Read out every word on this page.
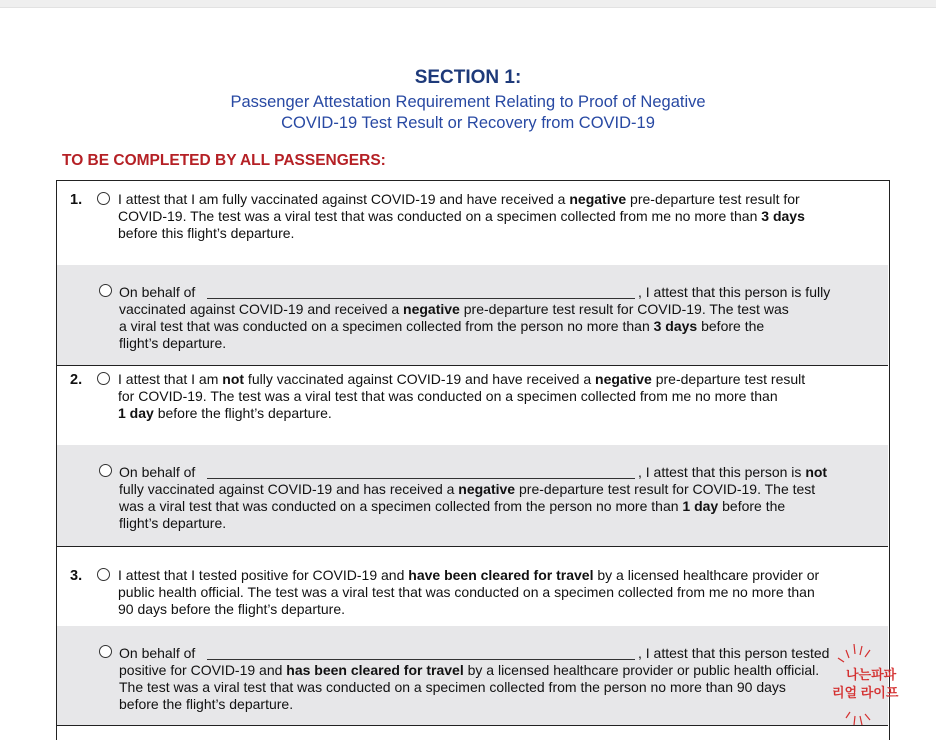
SECTION 1:
Passenger Attestation Requirement Relating to Proof of Negative
COVID-19 Test Result or Recovery from COVID-19
TO BE COMPLETED BY ALL PASSENGERS:
1.	I attest that I am fully vaccinated against COVID-19 and have received a negative pre-departure test result for
COVID-19. The test was a viral test that was conducted on a specimen collected from me no more than 3 days
before this flight’s departure.
On behalf of	, I attest that this person is fully
vaccinated against COVID-19 and received a negative pre-departure test result for COVID-19. The test was
a viral test that was conducted on a specimen collected from the person no more than 3 days before the
flight’s departure.
2.	I attest that I am not fully vaccinated against COVID-19 and have received a negative pre-departure test result
for COVID-19. The test was a viral test that was conducted on a specimen collected from me no more than
1 day before the flight’s departure.
On behalf of	, I attest that this person is not
fully vaccinated against COVID-19 and has received a negative pre-departure test result for COVID-19. The test
was a viral test that was conducted on a specimen collected from the person no more than 1 day before the
flight’s departure.
3.	I attest that I tested positive for COVID-19 and have been cleared for travel by a licensed healthcare provider or
public health official. The test was a viral test that was conducted on a specimen collected from me no more than
90 days before the flight’s departure.
On behalf of	, I attest that this person tested
positive for COVID-19 and has been cleared for travel by a licensed healthcare provider or public health official.
The test was a viral test that was conducted on a specimen collected from the person no more than 90 days
before the flight’s departure.
나는파파
리얼 라이프
